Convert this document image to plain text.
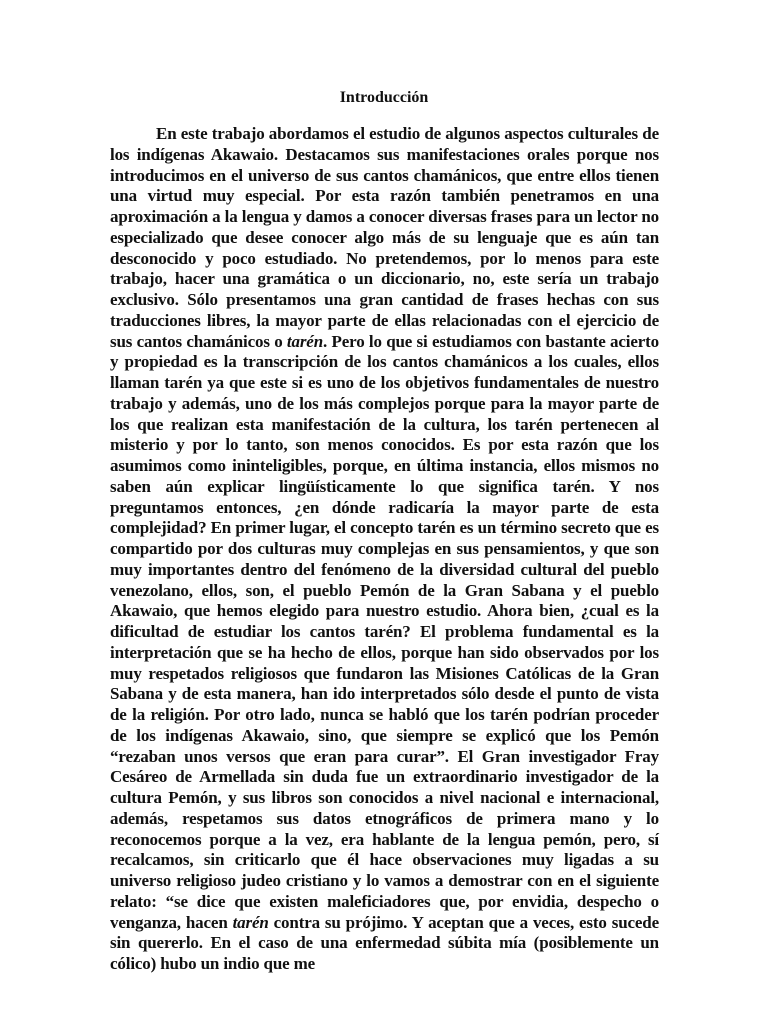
Introducción

En este trabajo abordamos el estudio de algunos aspectos culturales de los indígenas Akawaio. Destacamos sus manifestaciones orales porque nos introducimos en el universo de sus cantos chamánicos, que entre ellos tienen una virtud muy especial. Por esta razón también penetramos en una aproximación a la lengua y damos a conocer diversas frases para un lector no especializado que desee conocer algo más de su lenguaje que es aún tan desconocido y poco estudiado. No pretendemos, por lo menos para este trabajo, hacer una gramática o un diccionario, no, este sería un trabajo exclusivo. Sólo presentamos una gran cantidad de frases hechas con sus traducciones libres, la mayor parte de ellas relacionadas con el ejercicio de sus cantos chamánicos o tarén. Pero lo que si estudiamos con bastante acierto y propiedad es la transcripción de los cantos chamánicos a los cuales, ellos llaman tarén ya que este si es uno de los objetivos fundamentales de nuestro trabajo y además, uno de los más complejos porque para la mayor parte de los que realizan esta manifestación de la cultura, los tarén pertenecen al misterio y por lo tanto, son menos conocidos. Es por esta razón que los asumimos como ininteligibles, porque, en última instancia, ellos mismos no saben aún explicar lingüísticamente lo que significa tarén. Y nos preguntamos entonces, ¿en dónde radicaría la mayor parte de esta complejidad? En primer lugar, el concepto tarén es un término secreto que es compartido por dos culturas muy complejas en sus pensamientos, y que son muy importantes dentro del fenómeno de la diversidad cultural del pueblo venezolano, ellos, son, el pueblo Pemón de la Gran Sabana y el pueblo Akawaio, que hemos elegido para nuestro estudio. Ahora bien, ¿cual es la dificultad de estudiar los cantos tarén? El problema fundamental es la interpretación que se ha hecho de ellos, porque han sido observados por los muy respetados religiosos que fundaron las Misiones Católicas de la Gran Sabana y de esta manera, han ido interpretados sólo desde el punto de vista de la religión. Por otro lado, nunca se habló que los tarén podrían proceder de los indígenas Akawaio, sino, que siempre se explicó que los Pemón “rezaban unos versos que eran para curar”. El Gran investigador Fray Cesáreo de Armellada sin duda fue un extraordinario investigador de la cultura Pemón, y sus libros son conocidos a nivel nacional e internacional, además, respetamos sus datos etnográficos de primera mano y lo reconocemos porque a la vez, era hablante de la lengua pemón, pero, sí recalcamos, sin criticarlo que él hace observaciones muy ligadas a su universo religioso judeo cristiano y lo vamos a demostrar con en el siguiente relato: “se dice que existen maleficiadores que, por envidia, despecho o venganza, hacen tarén contra su prójimo. Y aceptan que a veces, esto sucede sin quererlo. En el caso de una enfermedad súbita mía (posiblemente un cólico) hubo un indio que me
